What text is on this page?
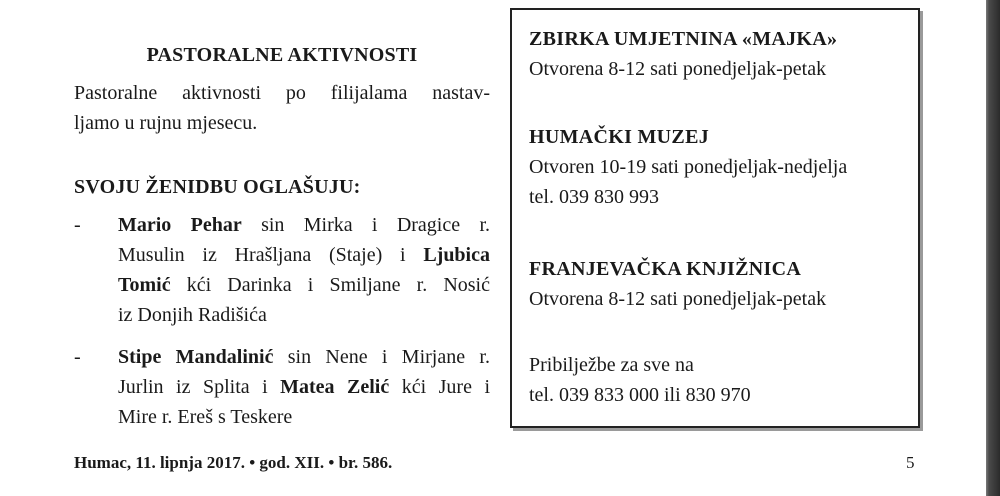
PASTORALNE AKTIVNOSTI
Pastoralne aktivnosti po filijalama nastav-
ljamo u rujnu mjesecu.
SVOJU ŽENIDBU OGLAŠUJU:
- Mario Pehar sin Mirka i Dragice r.
Musulin iz Hrašljana (Staje) i Ljubica
Tomić kći Darinka i Smiljane r. Nosić
iz Donjih Radišića
- Stipe Mandalinić sin Nene i Mirjane r.
Jurlin iz Splita i Matea Zelić kći Jure i
Mire r. Ereš s Teskere
ZBIRKA UMJETNINA «MAJKA»
Otvorena 8-12 sati ponedjeljak-petak
HUMAČKI MUZEJ
Otvoren 10-19 sati ponedjeljak-nedjelja
tel. 039 830 993
FRANJEVAČKA KNJIŽNICA
Otvorena 8-12 sati ponedjeljak-petak
Pribilježbe za sve na
tel. 039 833 000 ili 830 970
Humac, 11. lipnja 2017. • god. XII. • br. 586.	5
